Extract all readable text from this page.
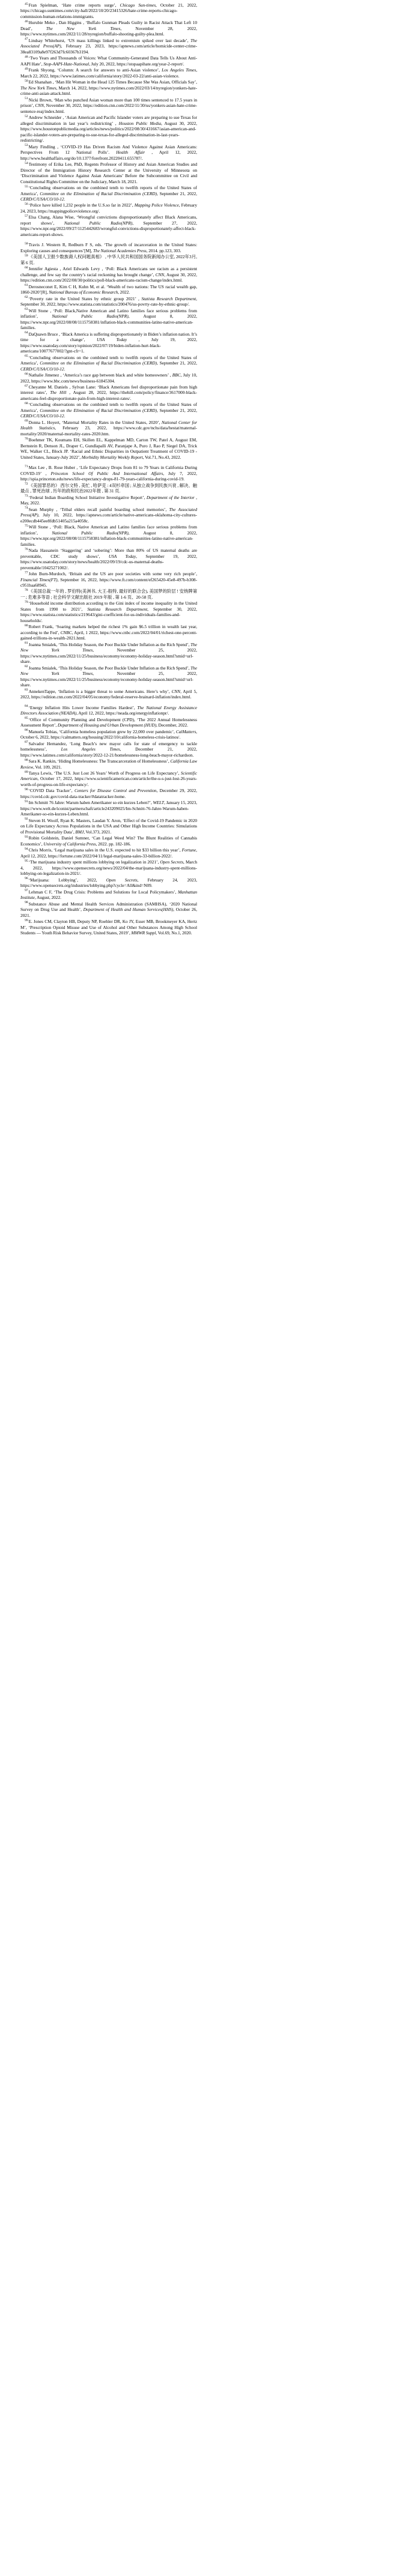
$^{45}$Fran Spielman, ‘Hate crime reports surge’, Chicago Sun-times, October 21, 2022, https://chicago.suntimes.com/city-hall/2022/10/20/23415326/hate-crime-reports-chicago-commission-human-relations-immigrants.

$^{46}$Hurubie Meko , Dan Higgins , ‘Buffalo Gunman Pleads Guilty in Racist Attack That Left 10 Dead’, The New York Times, November 28, 2022, https://www.nytimes.com/2022/11/28/nyregion/buffalo-shooting-guilty-plea.html.

$^{47}$Lindsay Whitehurst, ‘US mass killings linked to extremism spiked over last decade’, The Associated Press(AP), February 23, 2023, https://apnews.com/article/homicide-center-crime-38ea83109a8e97f263d7fc60367b3194.

$^{48}$‘Two Years and Thousands of Voices: What Community-Generated Data Tells Us About Anti-AAPI Hate’, Stop-AAPI-Hate-National, July 20, 2022, https://stopaapihate.org/year-2-report/.

$^{49}$Frank Shyong, ‘Column: A search for answers to anti-Asian violence’, Los Angeles Times, March 22, 2022, https://www.latimes.com/california/story/2022-03-22/anti-asian-violence.

$^{50}$Ed Shanahan , ‘Man Hit Woman in the Head 125 Times Because She Was Asian, Officials Say’, The New York Times, March 14, 2022, https://www.nytimes.com/2022/03/14/nyregion/yonkers-hate-crime-anti-asian-attack.html.

$^{51}$Nicki Brown, ‘Man who punched Asian woman more than 100 times sentenced to 17.5 years in prison’, CNN, November 30, 2022, https://edition.cnn.com/2022/11/30/us/yonkers-asian-hate-crime-sentence-reaj/index.html.

$^{52}$Andrew Schneider , ‘Asian American and Pacific Islander voters are preparing to sue Texas for alleged discrimination in last year’s redistricting’ , Houston Public Media, August 30, 2022, https://www.houstonpublicmedia.org/articles/news/politics/2022/08/30/431667/asian-american-and-pacific-islander-voters-are-preparing-to-sue-texas-for-alleged-discrimination-in-last-years-redistricting/.

$^{53}$Mary Findling , ‘COVID-19 Has Driven Racism And Violence Against Asian Americans: Perspectives From 12 National Polls’. Health Affair , April 12, 2022, http://www.healthaffairs.org/do/10.1377/forefront.20220411.655787/.

$^{54}$Testimony of Erika Lee, PhD, Regents Professor of History and Asian American Studies and Director of the Immigration History Research Center at the University of Minnesota on ‘Discrimination and Violence Against Asian Americans’ Before the Subcommittee on Civil and Constitutional Rights Committee on the Judiciary, March 18, 2021.

$^{55}$‘Concluding observations on the combined tenth to twelfth reports of the United States of America’, Committee on the Elimination of Racial Discrimination (CERD), September 21, 2022, CERD/C/USA/CO/10-12.

$^{56}$‘Police have killed 1,232 people in the U.S.so far in 2022’, Mapping Police Violence, February 24, 2023, https://mappingpoliceviolence.org/.

$^{57}$Elsa Chang, Alana Wise, ‘Wrongful convictions disproportionately affect Black Americans, report shows’, National Public Radio(NPR), September 27, 2022, https://www.npr.org/2022/09/27/1125442683/wrongful-convictions-disproportionately-affect-black-americans-report-shows.

$^{58}$Travis J. Western R, Redburn F S, eds. ‘The growth of incarceration in the United States: Exploring causes and consequences’[M], The National Academies Press, 2014. pp.123, 303.

$^{59}$《美国人卫报少数族裔人权问题真相》 , 中华人民共和国国务院新闻办公室, 2022年3月, 第 6 页.

$^{60}$Jennifer Agiesta , Ariel Edwards Levy , ‘Poll: Black Americans see racism as a persistent challenge, and few say the country’s racial reckoning has brought change’, CNN, August 30, 2022, https://edition.cnn.com/2022/08/30/politics/poll-black-americans-racism-change/index.html.

$^{61}$Derosneconet E, Kim C H, Kuhn M, et al. ‘Wealth of two nations: The US racial wealth gap, 1860-2020’[R], National Bureau of Economic Research, 2022.

$^{62}$‘Poverty rate in the United States by ethnic group 2021’ , Statista Research Department, September 30, 2022, https://www.statista.com/statistics/200476/us-povrty-rate-by-ethnic-group/.

$^{63}$Will Stone , ‘Poll: Black,Native American and Latino families face serious problems from inflation’, National Public Radio(NPR), August 8, 2022, https://www.npr.org/2022/08/08/1115758381/inflation-black-communities-latino-native-american-families.

$^{64}$DaQuawn Bruce , ‘Black America is suffering disproportionately in Biden’s inflation nation. It’s time for a change’, USA Today , July 19, 2022, https://www.usatoday.com/story/opinion/2022/07/19/biden-inflation-hurt-black-americans/10077677002/?gnt-cfr=1.

$^{65}$‘Concluding observations on the combined tenth to twelfth reports of the United States of America’, Committee on the Elimination of Racial Discrimination (CERD), September 21, 2022, CERD/C/USA/CO/10-12.

$^{66}$Nathalie Jimenez , ‘America’s race gap between black and white homeowners’ , BBC, July 10, 2022, https://www.bbc.com/news/business-61845304.

$^{67}$Cheyanne M. Daniels , Sylvan Lane: ‘Black Americans feel disproportionate pain from high interest rates’, The Hill , August 28, 2022, https://thehill.com/policy/finance/3617000-black-americans-feel-disproportionate-pain-from-high-interest-rates/.

$^{68}$‘Concluding observations on the combined tenth to twelfth reports of the United States of America’, Committee on the Elimination of Racial Discrimination (CERD), September 21, 2022, CERD/C/USA/CO/10-12.

$^{69}$Donna L. Hoyert, ‘Maternal Mortality Rates in the United States, 2020’, National Center for Health Statistics, February 23, 2022, https://www.cdc.gov/nchs/data/hestat/maternal-mortality/2020/maternal-mortality-rates-2020.htm.

$^{70}$Boehmer TK, Koumans EH, Skillen EL, Kappelman MD, Carton TW, Patel A, August EM, Bernstein R, Denson JL, Draper C, Gundlapalli AV, Paranjape A, Puro J, Rao P, Siegel DA, Trick WE, Walker CL, Block JP. ‘Racial and Ethnic Disparities in Outpatient Treatment of COVID-19 - United States, January-July 2022’, Morbidity Mortality Weekly Report, Vol.71, No.43, 2022.

$^{71}$Max Lee , B. Rose Huber , ‘Life Expectancy Drops from 81 to 79 Years in California During COVID-19’ , Princeton School Of Public And International Affairs, July 7, 2022, http://spia.princeton.edu/news/life-expectancy-drops-81-79-years-california-during-covid-19.

$^{72}$《美国罪恶的》 西尔文特 , 美忙 , 哈萨克 : 4双杉牵国 ; 从独立战争到民族兴衰 , 解决、触最点 , 罪死治球 , 历年的政和民治2022年报 , 第 31 页.

$^{73}$‘Federal Indian Boarding School Initiative Investigative Report’, Department of the Interior , May, 2022.

$^{74}$Sean Murphy , ‘Tribal elders recall painful boarding school memories’, The Associated Press(AP), July 10, 2022, https://apnews.com/article/native-americans-oklahoma-city-cultures-e200ecdb445ee8fdb51405a215a4058c.

$^{75}$Will Stone , ‘Poll: Black, Native American and Latino families face serious problems from inflation’, National Public Radio(NPR), August 8, 2022, https://www.npr.org/2022/08/08/1115758381/inflation-black-communities-latino-native-american-families.

$^{76}$Nada Hassanein ‘Staggering’ and ‘sobering’: More than 80% of US maternal deaths are preventable, CDC study shows’, USA Today, September 19, 2022, https://www.usatoday.com/story/news/health/2022/09/19/cdc-us-maternal-deaths-preventable/10425271002/.

$^{77}$John Burn-Murdoch, ‘Britain and the US are poor societies with some very rich people’, Financial Times(FT), September 16, 2022, https://www.ft.com/content/ef265420-45e8-497b-b308-c951baa68945.

$^{78}$《美国总裁一年的 , 罗伯特(美洲书, 大王-般特, 最好的联合会), 美国梦的阶层 ! 安纳牌第一 ; 危难多等语 ; 社会科学文献出版社 2019 年版 , 第 1-6 页、20-58 页.

$^{79}$‘Household income distribution according to the Gini index of income inequality in the United States from 1990 to 2021’, Statista Research Department, September 30, 2022, https://www.statista.com/statistics/219643/gini-coefficient-for-us-individuals-families-and-households/.

$^{80}$Robert Frank, ‘Soaring markets helped the richest 1% gain $6.5 trillion in wealth last year, according to the Fed’, CNBC, April, 1 2022, https://www.cnbc.com/2022/04/01/richest-one-percent-gained-trillions-in-wealth-2021.html.

$^{81}$Joanna Smialek, ‘This Holiday Season, the Poor Buckle Under Inflation as the Rich Spend’, The New York Times, November 25, 2022, https://www.nytimes.com/2022/11/25/business/economy/economy-holiday-season.html?smid=url-share.

$^{82}$Joanna Smialek, ‘This Holiday Season, the Poor Buckle Under Inflation as the Rich Spend’, The New York Times, November 25, 2022, https://www.nytimes.com/2022/11/25/business/economy/economy-holiday-season.html?smid=url-share.

$^{83}$AnnekenTappe, ‘Inflation is a bigger threat to some Americans. Here’s why’, CNN, April 5, 2022, https://edition.cnn.com/2022/04/05/economy/federal-reserve-brainard-inflation/index.html.

$^{84}$‘Energy Inflation Hits Lower Income Families Hardest’, The National Energy Assistance Directors Association (NEADA), April 12, 2022, https://neada.org/energyinflationpr/.

$^{85}$‘Office of Community Planning and Development (CPD), ‘The 2022 Annual Homelessness Assessment Report’, Department of Housing and Urban Development (HUD), December, 2022.

$^{86}$Manuela Tobias, ‘California homeless population grew by 22,000 over pandemic’, CalMatters, October 6, 2022, https://calmatters.org/housing/2022/10/california-homeless-crisis-latinos/.

$^{87}$Salvador Hernandez, ‘Long Beach’s new mayor calls for state of emergency to tackle homelessness’, Los Angeles Times, December 21, 2022, https://www.latimes.com/california/story/2022-12-21/homelessness-long-beach-mayor-richardson.

$^{88}$Sara K. Rankin, ‘Hiding Homelessness: The Transcarceration of Homelessness’, California Law Review, Vol. 109, 2021.

$^{89}$Tanya Lewis, ‘The U.S. Just Lost 26 Years’ Worth of Progress on Life Expectancy’, Scientific American, October 17, 2022, https://www.scientificamerican.com/article/the-u-s-just-lost-26-years-worth-of-progress-on-life-expectancy/.

$^{90}$‘COVID Data Tracker’, Centers for Disease Control and Prevention, December 29, 2022, https://covid.cdc.gov/covid-data-tracker/#datatracker-home.

$^{91}$Im Schmitt 76 Jahre: Warum haben Amerikaner so ein kurzes Leben?’, WELT, January 15, 2023, https://www.welt.de/iconist/partnerschaft/article243209025/Im-Schnitt-76-Jahre-Warum-haben-Amerikaner-so-ein-kurzes-Leben.html.

$^{92}$Steven H. Woolf, Ryan K. Masters, Laudan Y. Aron, ‘Effect of the Covid-19 Pandemic in 2020 on Life Expectancy Across Populations in the USA and Other High Income Countries: Simulations of Provisional Mortality Data’, BMJ, Vol.373, 2021.

$^{93}$Robin Goldstein, Daniel Sumner, ‘Can Legal Weed Win? The Blunt Realities of Cannabis Economics’, University of California Press, 2022. pp. 182-186.

$^{94}$Chris Morris, ‘Legal marijuana sales in the U.S. expected to hit $33 billion this year’, Fortune, April 12, 2022, https://fortune.com/2022/04/11/legal-marijuana-sales-33-billion-2022/.

$^{95}$‘The marijuana industry spent millions lobbying on legalization in 2021’, Open Secrets, March 4, 2022, https://www.opensecrets.org/news/2022/04/the-marijuana-industry-spent-millions-lobbying-on-legalization-in-2021/.

$^{96}$‘Marijuana: Lobbying’, 2022, Open Secrets, February 24, 2023, https://www.opensecrets.org/industries/lobbying.php?cycle=All&ind=N09.

$^{97}$Lehman C F, ‘The Drug Crisis: Problems and Solutions for Local Policymakers’, Manhattan Institute, August, 2022.

$^{98}$Substance Abuse and Mental Health Services Administration (SAMHSA), ‘2020 National Survey on Drug Use and Health’, Department of Health and Human Services(HHS), October 26, 2021.

$^{99}$E. Jones CM, Clayton HB, Deputy NP, Roehler DR, Ko JY, Esser MB, Brookmeyer KA, Hertz M’, ‘Prescription Opioid Misuse and Use of Alcohol and Other Substances Among High School Students — Youth Risk Behavior Survey, United States, 2019’, MMWR Suppl, Vol.69, No.1, 2020.
